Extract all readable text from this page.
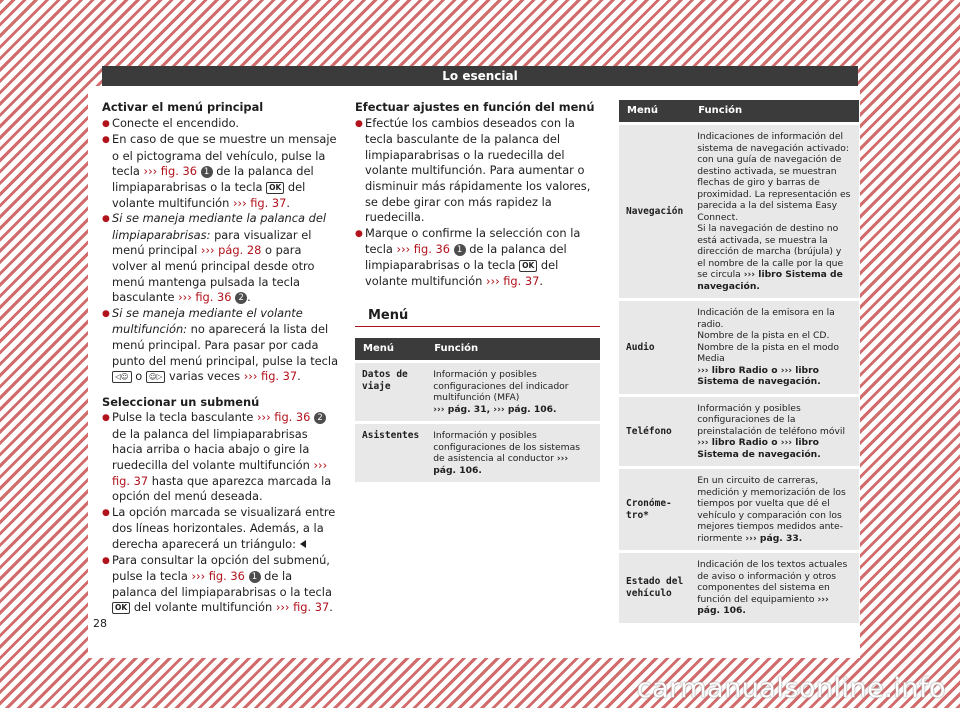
Lo esencial

Activar el menú principal

● Conecte el encendido.

● En caso de que se muestre un mensaje o el pictograma del vehículo, pulse la tecla ››› fig. 36 1 de la palanca del limpiaparabrisas o la tecla OK del volante multifunción ››› fig. 37.

● Si se maneja mediante la palanca del limpiaparabrisas: para visualizar el menú principal ››› pág. 28 o para volver al menú principal desde otro menú mantenga pulsada la tecla basculante ››› fig. 36 2 .

● Si se maneja mediante el volante multifunción: no aparecerá la lista del menú principal. Para pasar por cada punto del menú principal, pulse la tecla ◁☺ o ☺▷ varias veces ››› fig. 37.

Seleccionar un submenú

● Pulse la tecla basculante ››› fig. 36 2 de la palanca del limpiaparabrisas hacia arriba o hacia abajo o gire la ruedecilla del volante multifunción ››› fig. 37 hasta que aparezca marcada la opción del menú deseada.

● La opción marcada se visualizará entre dos líneas horizontales. Además, a la derecha aparecerá un triángulo:

● Para consultar la opción del submenú, pulse la tecla ››› fig. 36 1 de la palanca del limpiaparabrisas o la tecla OK del volante multifunción ››› fig. 37.

Efectuar ajustes en función del menú

● Efectúe los cambios deseados con la tecla basculante de la palanca del limpiaparabrisas o la ruedecilla del volante multifunción. Para aumentar o disminuir más rápidamente los valores, se debe girar con más rapidez la ruedecilla.

● Marque o confirme la selección con la tecla ››› fig. 36 1 de la palanca del limpiaparabrisas o la tecla OK del volante multifunción ››› fig. 37.

Menú
Menú	Función
Datos de viaje	Información y posibles configuraciones del indicador multifunción (MFA)
››› pág. 31, ››› pág. 106.
Asistentes	Información y posibles configuraciones de los sistemas de asistencia al conductor ››› pág. 106.
Menú	Función
Navegación	Indicaciones de información del sistema de navegación activado: con una guía de navegación de destino activada, se muestran flechas de giro y barras de proximidad. La representación es parecida a la del sistema Easy Connect.
Si la navegación de destino no está activada, se muestra la dirección de marcha (brújula) y el nombre de la calle por la que se circula ››› libro Sistema de navegación.
Audio	Indicación de la emisora en la radio.
Nombre de la pista en el CD.
Nombre de la pista en el modo Media
››› libro Radio o ››› libro Sistema de navegación.
Teléfono	Información y posibles configuraciones de la preinstalación de teléfono móvil
››› libro Radio o ››› libro Sistema de navegación.
Cronómetro*	En un circuito de carreras, medición y memorización de los tiempos por vuelta que dé el vehículo y comparación con los mejores tiempos medidos anteriormente ››› pág. 33.
Estado del vehículo	Indicación de los textos actuales de aviso o información y otros componentes del sistema en función del equipamiento ››› pág. 106.
28
carmanualsonline.info
